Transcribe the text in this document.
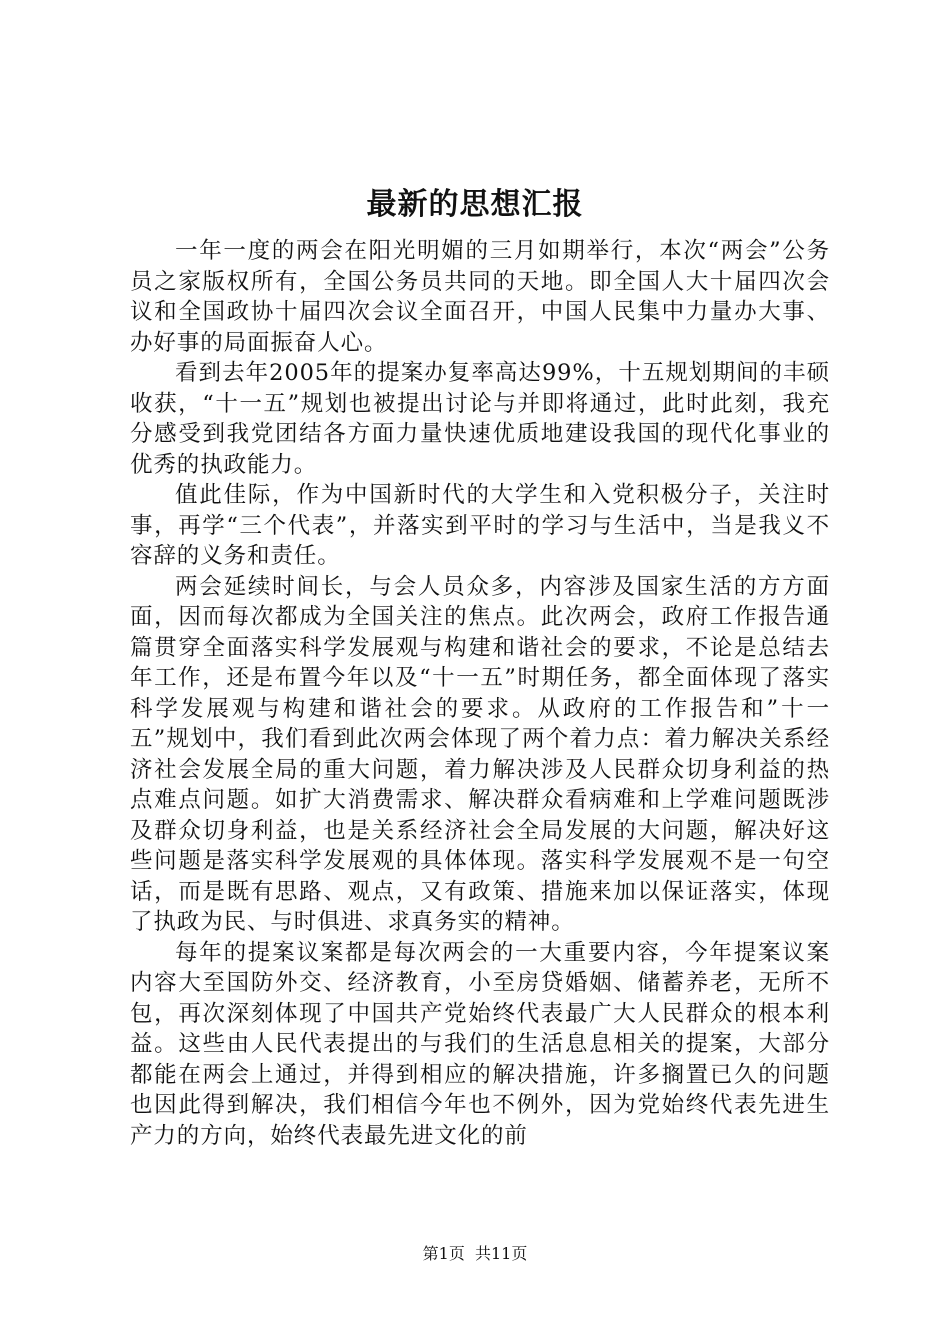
最新的思想汇报

一年一度的两会在阳光明媚的三月如期举行，本次“两会”公务员之家版权所有，全国公务员共同的天地。即全国人大十届四次会议和全国政协十届四次会议全面召开，中国人民集中力量办大事、办好事的局面振奋人心。

看到去年2005年的提案办复率高达99%，十五规划期间的丰硕收获，“十一五”规划也被提出讨论与并即将通过，此时此刻，我充分感受到我党团结各方面力量快速优质地建设我国的现代化事业的优秀的执政能力。

值此佳际，作为中国新时代的大学生和入党积极分子，关注时事，再学“三个代表”，并落实到平时的学习与生活中，当是我义不容辞的义务和责任。

两会延续时间长，与会人员众多，内容涉及国家生活的方方面面，因而每次都成为全国关注的焦点。此次两会，政府工作报告通篇贯穿全面落实科学发展观与构建和谐社会的要求，不论是总结去年工作，还是布置今年以及“十一五”时期任务，都全面体现了落实科学发展观与构建和谐社会的要求。从政府的工作报告和”十一五”规划中，我们看到此次两会体现了两个着力点：着力解决关系经济社会发展全局的重大问题，着力解决涉及人民群众切身利益的热点难点问题。如扩大消费需求、解决群众看病难和上学难问题既涉及群众切身利益，也是关系经济社会全局发展的大问题，解决好这些问题是落实科学发展观的具体体现。落实科学发展观不是一句空话，而是既有思路、观点，又有政策、措施来加以保证落实，体现了执政为民、与时俱进、求真务实的精神。

每年的提案议案都是每次两会的一大重要内容，今年提案议案内容大至国防外交、经济教育，小至房贷婚姻、储蓄养老，无所不包，再次深刻体现了中国共产党始终代表最广大人民群众的根本利益。这些由人民代表提出的与我们的生活息息相关的提案，大部分都能在两会上通过，并得到相应的解决措施，许多搁置已久的问题也因此得到解决，我们相信今年也不例外，因为党始终代表先进生产力的方向，始终代表最先进文化的前

第1页  共11页
